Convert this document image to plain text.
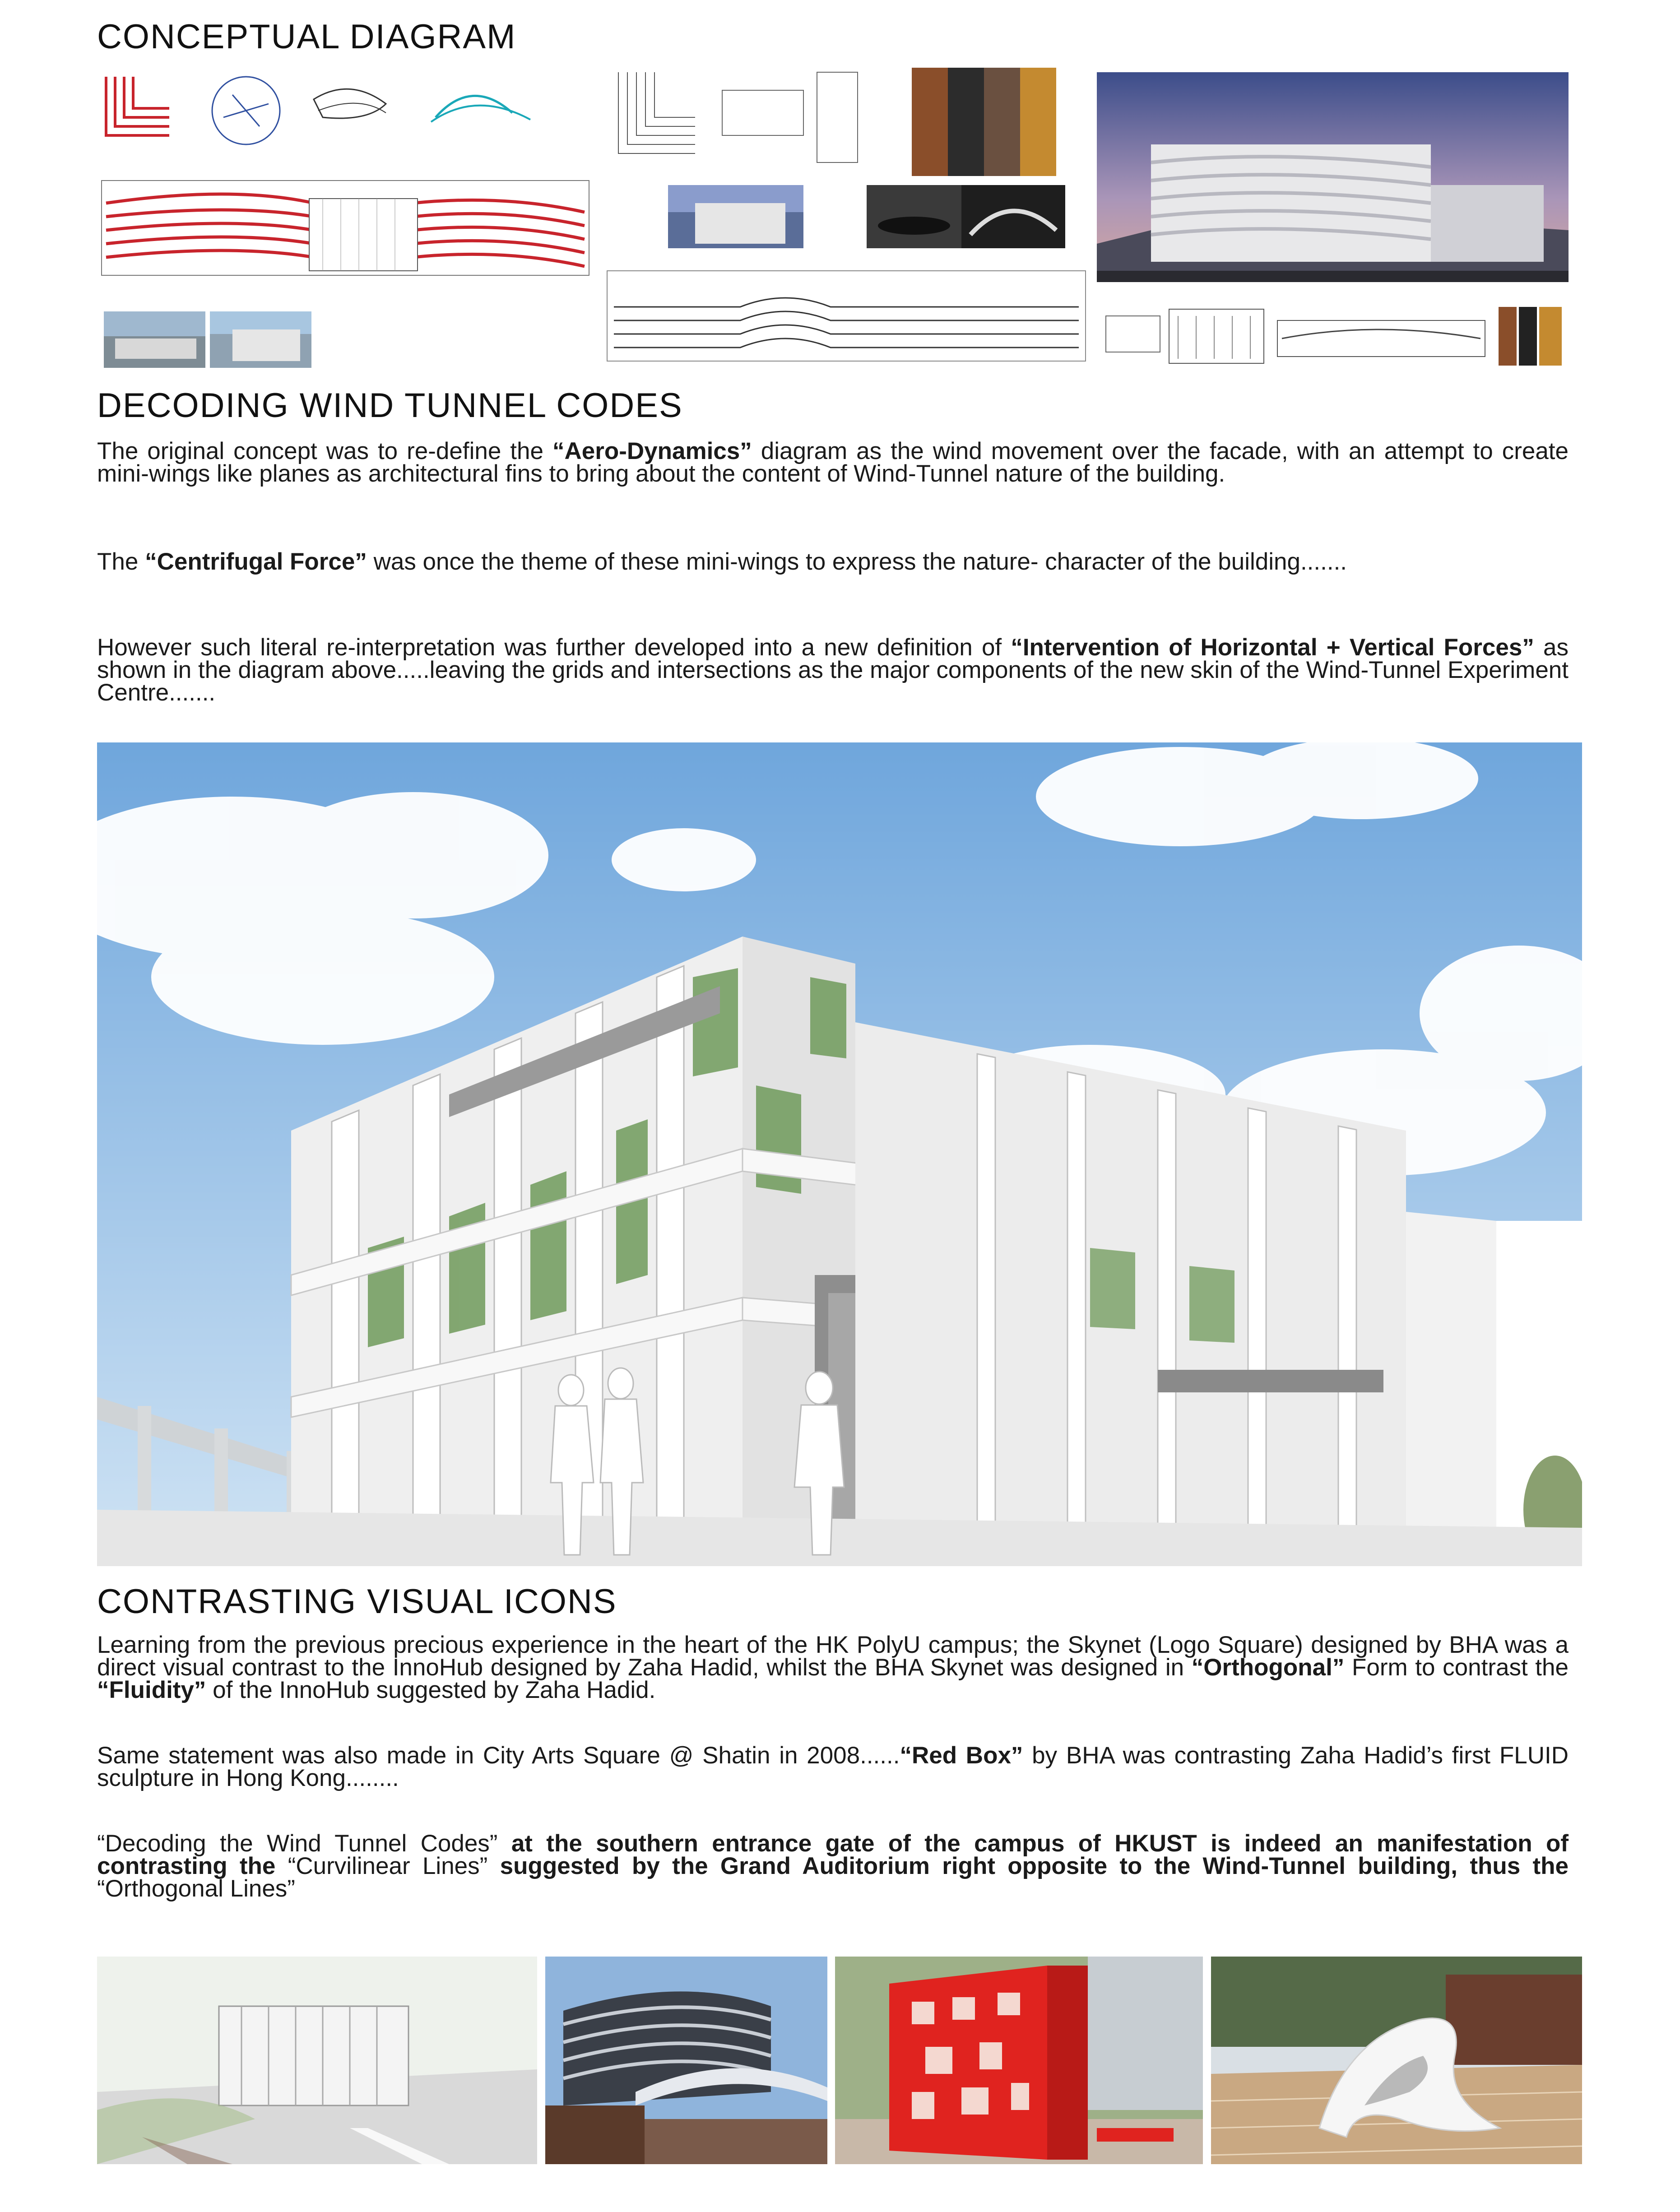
CONCEPTUAL DIAGRAM
DECODING WIND TUNNEL CODES

The original concept was to re-define the “Aero-Dynamics” diagram as the wind movement over the facade, with an attempt to create mini-wings like planes as architectural fins to bring about the content of Wind-Tunnel nature of the building.

The “Centrifugal Force” was once the theme of these mini-wings to express the nature- character of the building.......

However such literal re-interpretation was further developed into a new definition of “Intervention of Horizontal + Vertical Forces” as shown in the diagram above.....leaving the grids and intersections as the major components of the new skin of the Wind-Tunnel Experiment Centre.......

CONTRASTING VISUAL ICONS

Learning from the previous precious experience in the heart of the HK PolyU campus; the Skynet (Logo Square) designed by BHA was a direct visual contrast to the InnoHub designed by Zaha Hadid, whilst the BHA Skynet was designed in “Orthogonal” Form to contrast the “Fluidity” of the InnoHub suggested by Zaha Hadid.

Same statement was also made in City Arts Square @ Shatin in 2008......“Red Box” by BHA was contrasting Zaha Hadid’s first FLUID sculpture in Hong Kong........

“Decoding the Wind Tunnel Codes” at the southern entrance gate of the campus of HKUST is indeed an manifestation of contrasting the “Curvilinear Lines” suggested by the Grand Auditorium right opposite to the Wind-Tunnel building, thus the “Orthogonal Lines”
